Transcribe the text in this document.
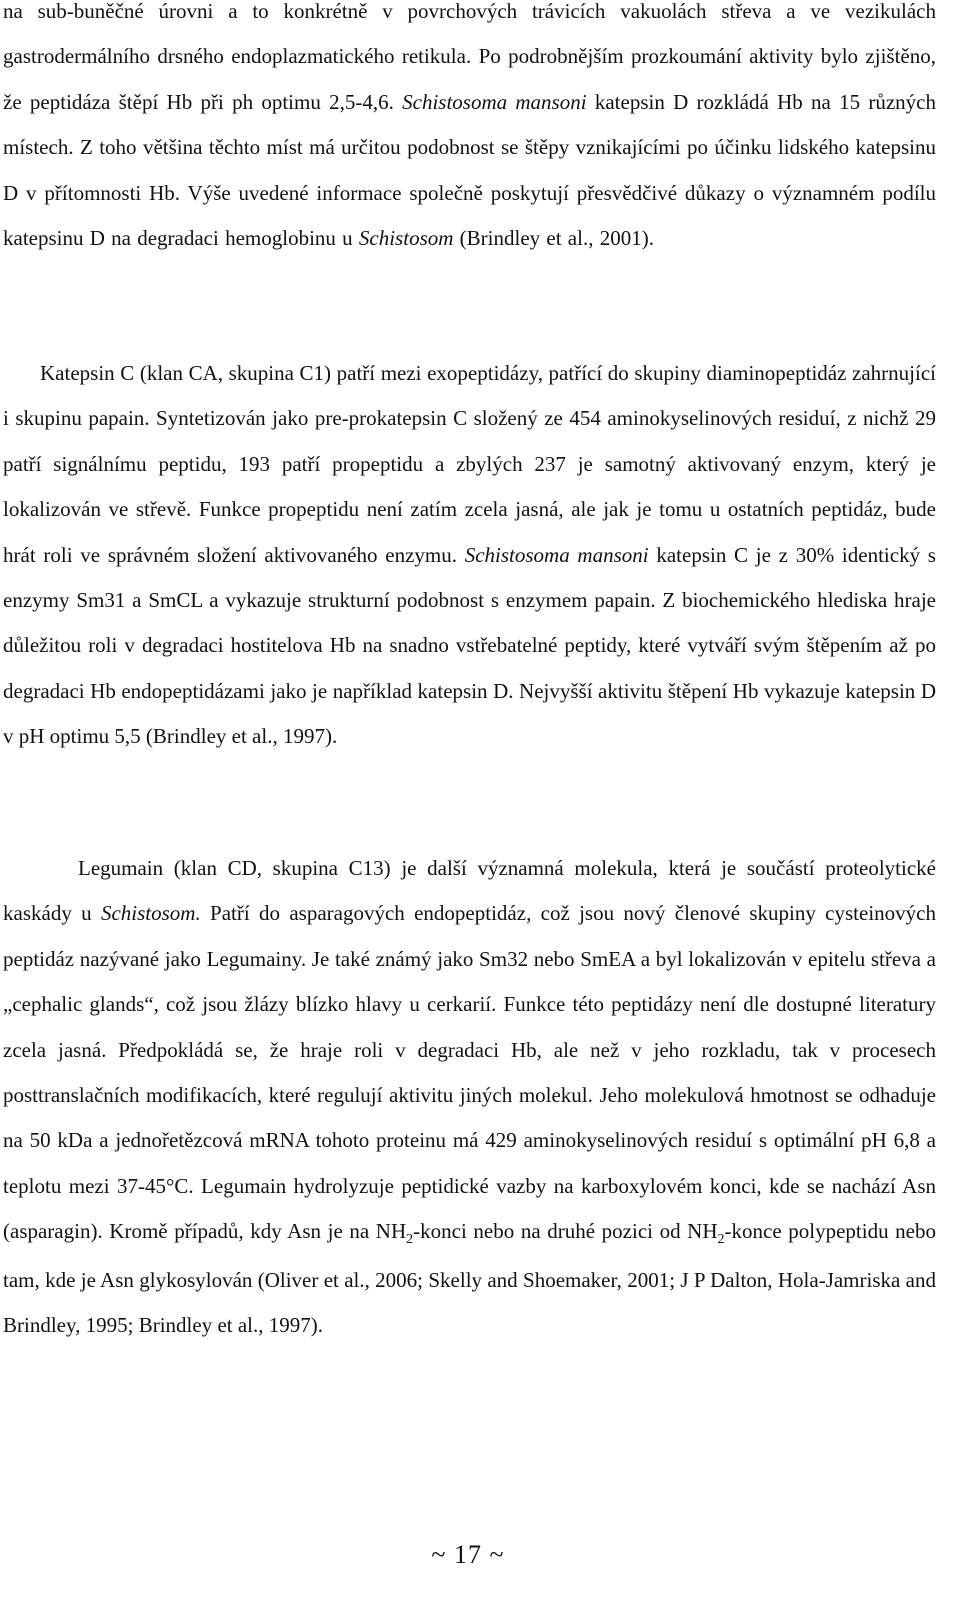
na sub-buněčné úrovni a to konkrétně v povrchových trávicích vakuolách střeva a ve vezikulách gastrodermálního drsného endoplazmatického retikula. Po podrobnějším prozkoumání aktivity bylo zjištěno, že peptidáza štěpí Hb při ph optimu 2,5-4,6. Schistosoma mansoni katepsin D rozkládá Hb na 15 různých místech. Z toho většina těchto míst má určitou podobnost se štěpy vznikajícími po účinku lidského katepsinu D v přítomnosti Hb. Výše uvedené informace společně poskytují přesvědčivé důkazy o významném podílu katepsinu D na degradaci hemoglobinu u Schistosom (Brindley et al., 2001).

Katepsin C (klan CA, skupina C1) patří mezi exopeptidázy, patřící do skupiny diaminopeptidáz zahrnující i skupinu papain. Syntetizován jako pre-prokatepsin C složený ze 454 aminokyselinových residuí, z nichž 29 patří signálnímu peptidu, 193 patří propeptidu a zbylých 237 je samotný aktivovaný enzym, který je lokalizován ve střevě. Funkce propeptidu není zatím zcela jasná, ale jak je tomu u ostatních peptidáz, bude hrát roli ve správném složení aktivovaného enzymu. Schistosoma mansoni katepsin C je z 30% identický s enzymy Sm31 a SmCL a vykazuje strukturní podobnost s enzymem papain. Z biochemického hlediska hraje důležitou roli v degradaci hostitelova Hb na snadno vstřebatelné peptidy, které vytváří svým štěpením až po degradaci Hb endopeptidázami jako je například katepsin D. Nejvyšší aktivitu štěpení Hb vykazuje katepsin D v pH optimu 5,5 (Brindley et al., 1997).

Legumain (klan CD, skupina C13) je další významná molekula, která je součástí proteolytické kaskády u Schistosom. Patří do asparagových endopeptidáz, což jsou nový členové skupiny cysteinových peptidáz nazývané jako Legumainy. Je také známý jako Sm32 nebo SmEA a byl lokalizován v epitelu střeva a „cephalic glands“, což jsou žlázy blízko hlavy u cerkarií. Funkce této peptidázy není dle dostupné literatury zcela jasná. Předpokládá se, že hraje roli v degradaci Hb, ale než v jeho rozkladu, tak v procesech posttranslačních modifikacích, které regulují aktivitu jiných molekul. Jeho molekulová hmotnost se odhaduje na 50 kDa a jednořetězcová mRNA tohoto proteinu má 429 aminokyselinových residuí s optimální pH 6,8 a teplotu mezi 37-45°C. Legumain hydrolyzuje peptidické vazby na karboxylovém konci, kde se nachází Asn (asparagin). Kromě případů, kdy Asn je na $NH_2$-konci nebo na druhé pozici od $NH_2$-konce polypeptidu nebo tam, kde je Asn glykosylován (Oliver et al., 2006; Skelly and Shoemaker, 2001; J P Dalton, Hola-Jamriska and Brindley, 1995; Brindley et al., 1997).

~ 17 ~
